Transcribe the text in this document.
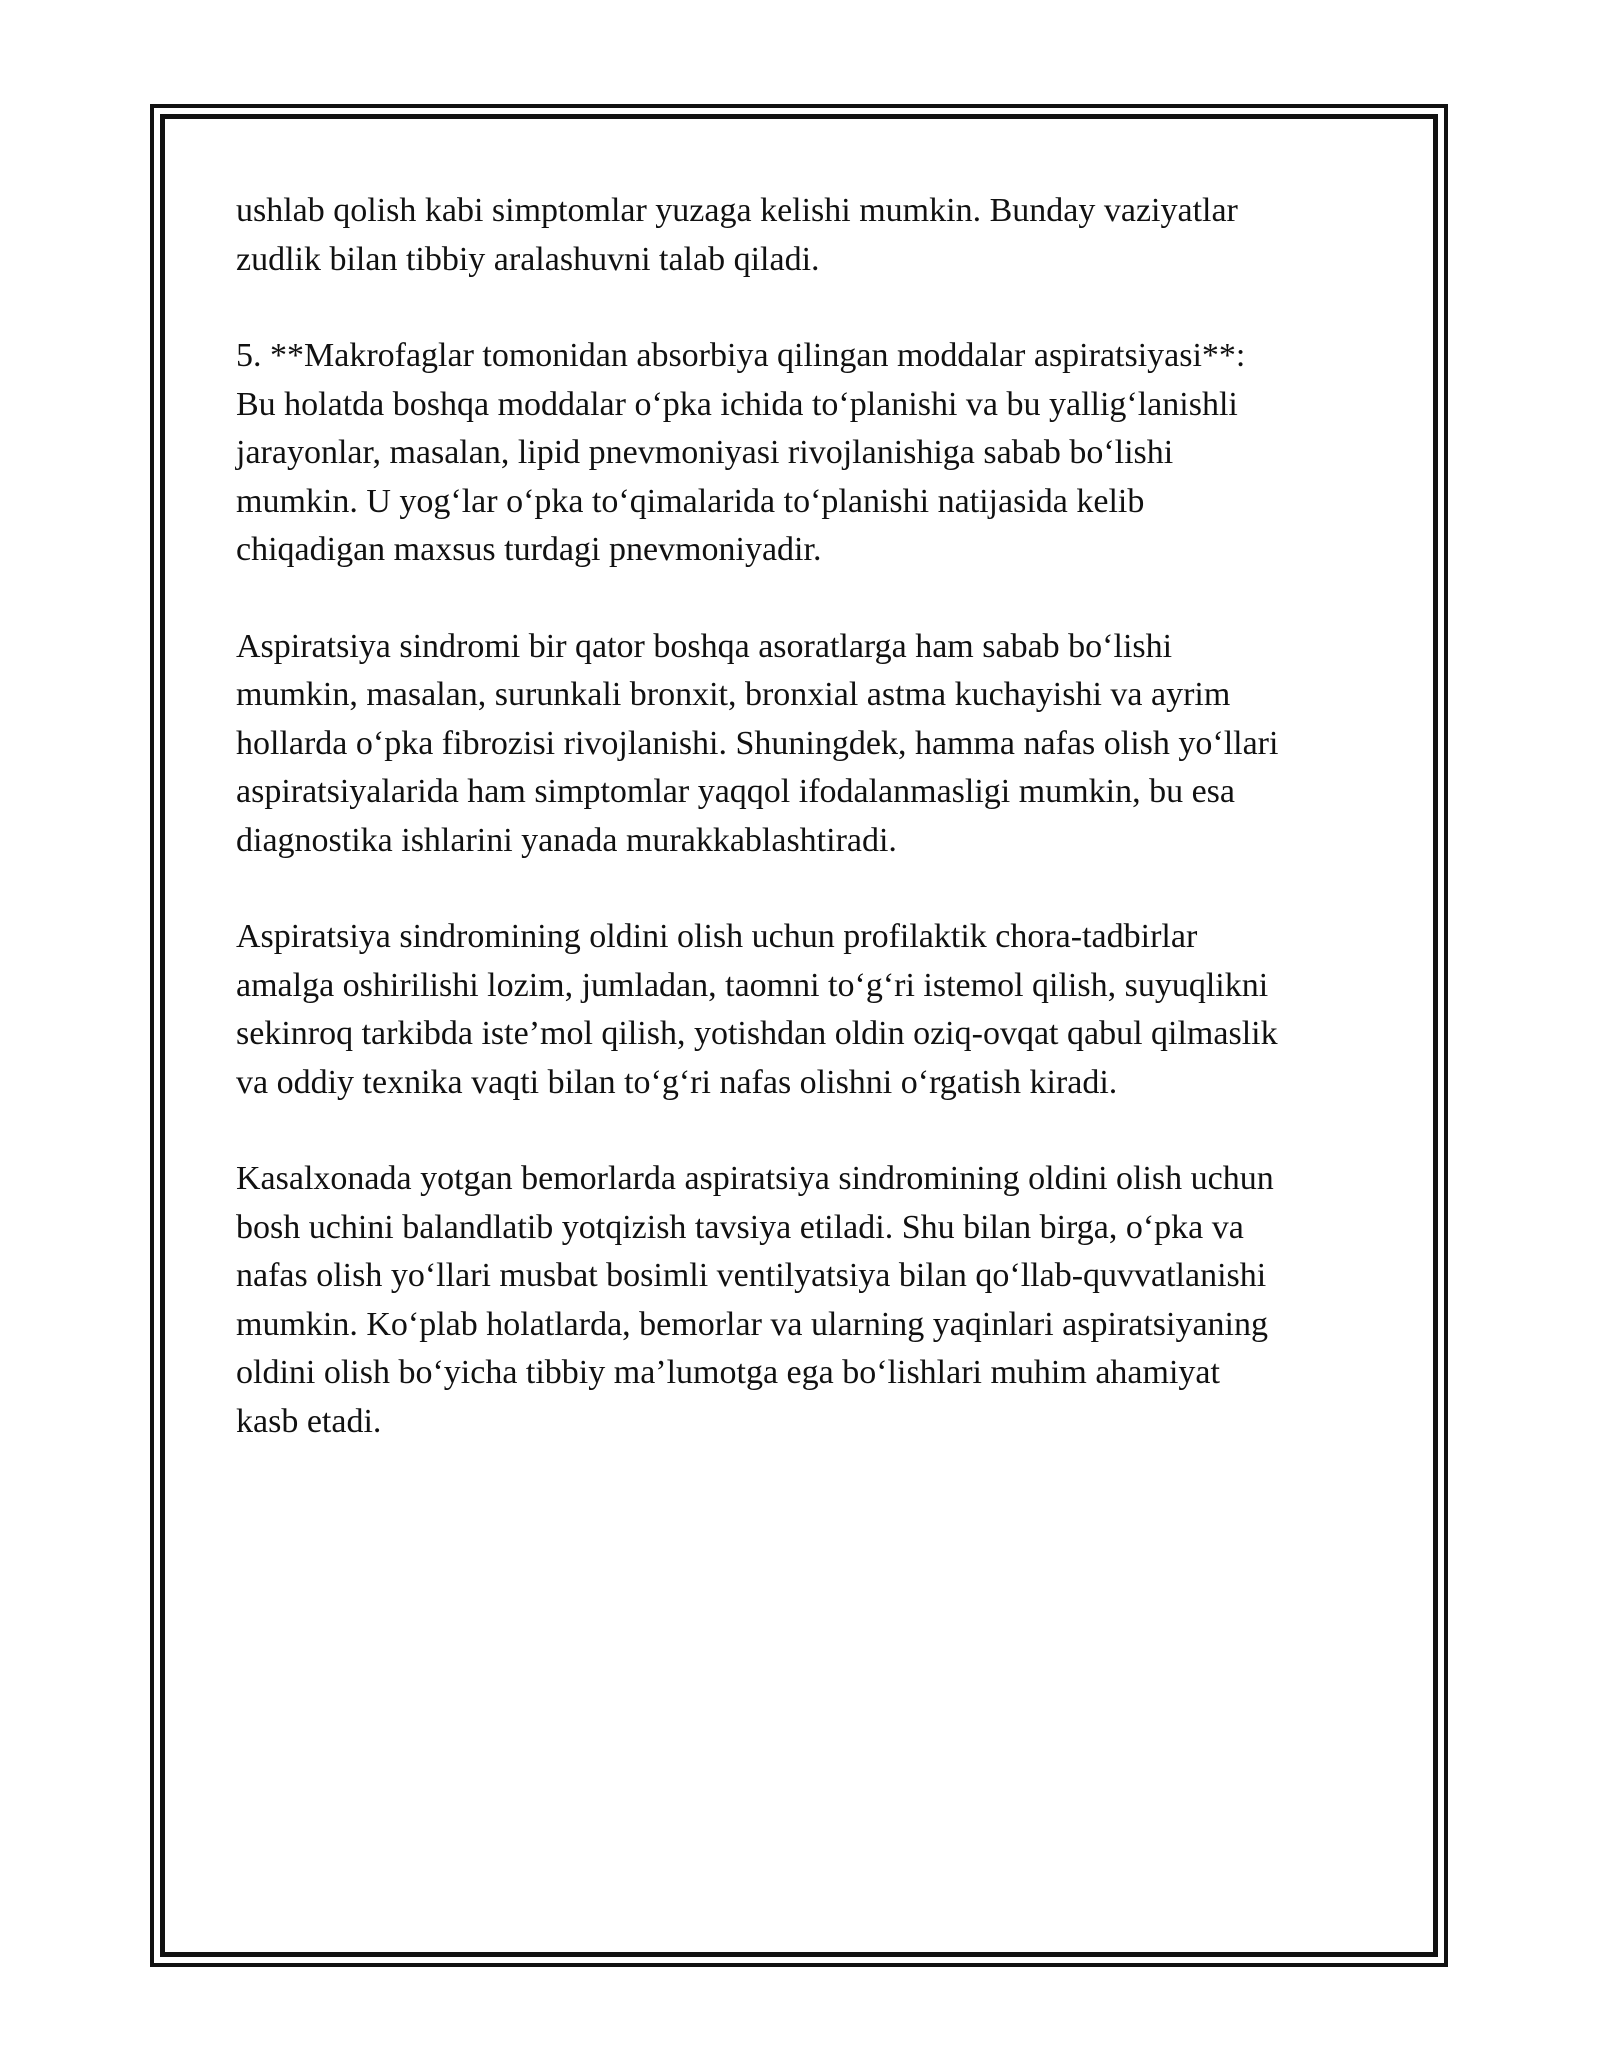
ushlab qolish kabi simptomlar yuzaga kelishi mumkin. Bunday vaziyatlar
zudlik bilan tibbiy aralashuvni talab qiladi.

5. **Makrofaglar tomonidan absorbiya qilingan moddalar aspiratsiyasi**:
Bu holatda boshqa moddalar o‘pka ichida to‘planishi va bu yallig‘lanishli
jarayonlar, masalan, lipid pnevmoniyasi rivojlanishiga sabab bo‘lishi
mumkin. U yog‘lar o‘pka to‘qimalarida to‘planishi natijasida kelib
chiqadigan maxsus turdagi pnevmoniyadir.

Aspiratsiya sindromi bir qator boshqa asoratlarga ham sabab bo‘lishi
mumkin, masalan, surunkali bronxit, bronxial astma kuchayishi va ayrim
hollarda o‘pka fibrozisi rivojlanishi. Shuningdek, hamma nafas olish yo‘llari
aspiratsiyalarida ham simptomlar yaqqol ifodalanmasligi mumkin, bu esa
diagnostika ishlarini yanada murakkablashtiradi.

Aspiratsiya sindromining oldini olish uchun profilaktik chora-tadbirlar
amalga oshirilishi lozim, jumladan, taomni to‘g‘ri istemol qilish, suyuqlikni
sekinroq tarkibda iste’mol qilish, yotishdan oldin oziq-ovqat qabul qilmaslik
va oddiy texnika vaqti bilan to‘g‘ri nafas olishni o‘rgatish kiradi.

Kasalxonada yotgan bemorlarda aspiratsiya sindromining oldini olish uchun
bosh uchini balandlatib yotqizish tavsiya etiladi. Shu bilan birga, o‘pka va
nafas olish yo‘llari musbat bosimli ventilyatsiya bilan qo‘llab-quvvatlanishi
mumkin. Ko‘plab holatlarda, bemorlar va ularning yaqinlari aspiratsiyaning
oldini olish bo‘yicha tibbiy ma’lumotga ega bo‘lishlari muhim ahamiyat
kasb etadi.
